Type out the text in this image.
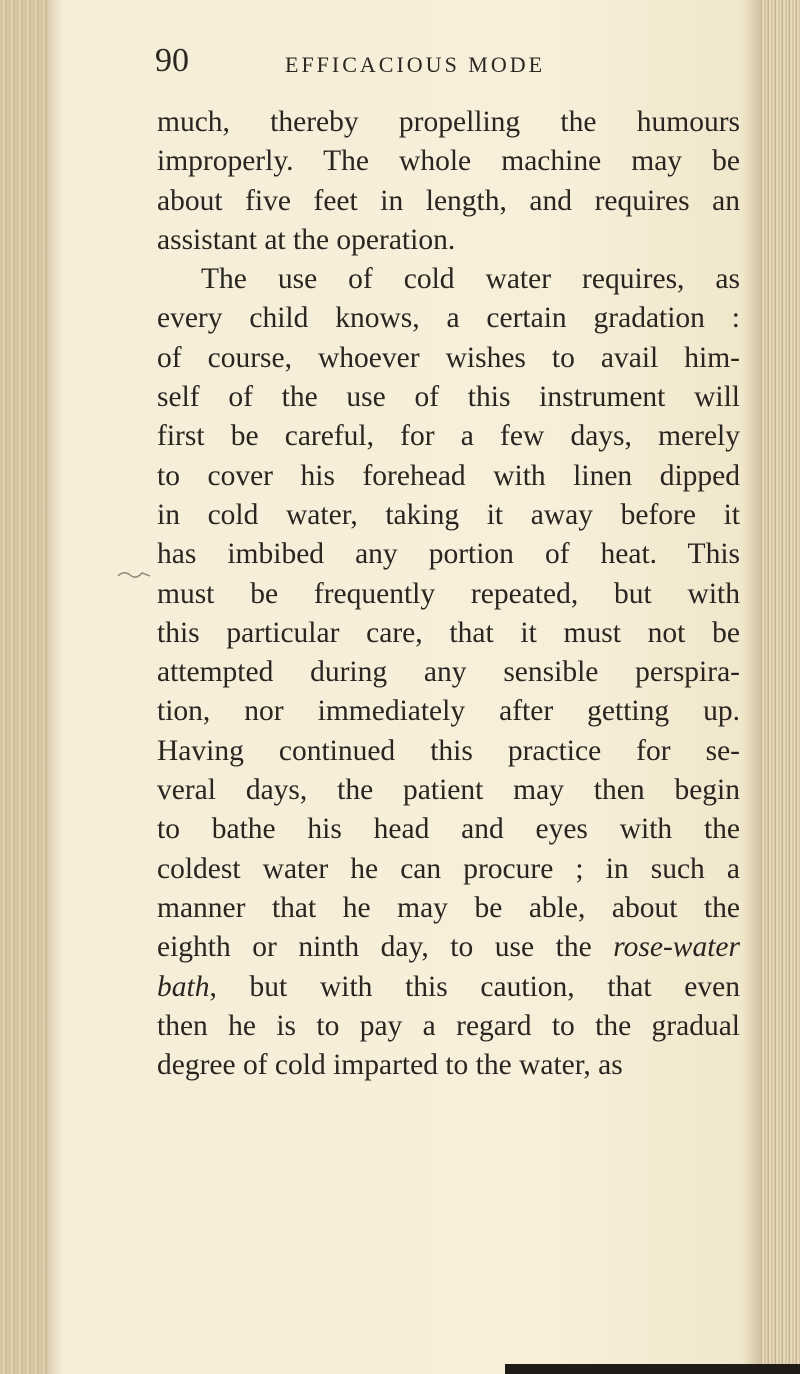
90	EFFICACIOUS MODE
much, thereby propelling the humours
improperly. The whole machine may be
about five feet in length, and requires an
assistant at the operation.
The use of cold water requires, as
every child knows, a certain gradation :
of course, whoever wishes to avail him-
self of the use of this instrument will
first be careful, for a few days, merely
to cover his forehead with linen dipped
in cold water, taking it away before it
has imbibed any portion of heat. This
must be frequently repeated, but with
this particular care, that it must not be
attempted during any sensible perspira-
tion, nor immediately after getting up.
Having continued this practice for se-
veral days, the patient may then begin
to bathe his head and eyes with the
coldest water he can procure ; in such a
manner that he may be able, about the
eighth or ninth day, to use the rose-water
bath, but with this caution, that even
then he is to pay a regard to the gradual
degree of cold imparted to the water, as
